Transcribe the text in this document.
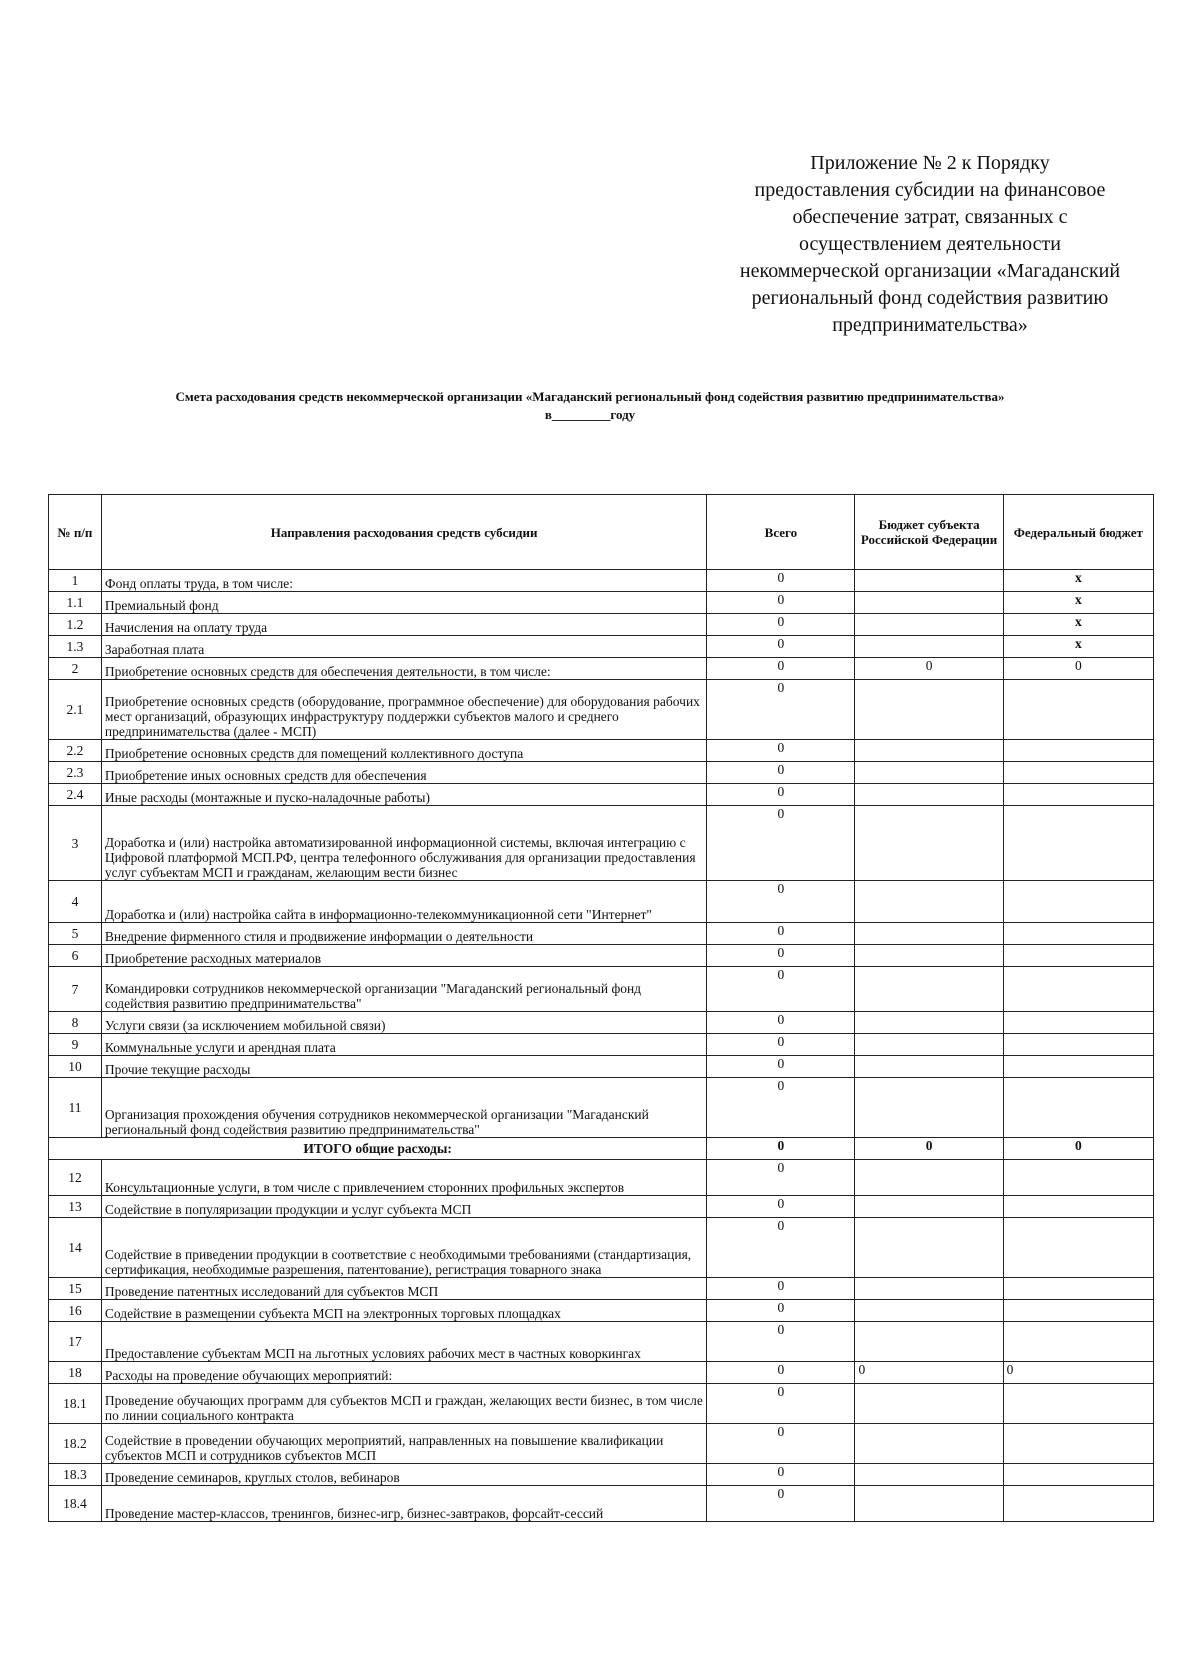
Приложение № 2 к Порядку
предоставления субсидии на финансовое
обеспечение затрат, связанных с
осуществлением деятельности
некоммерческой организации «Магаданский
региональный фонд содействия развитию
предпринимательства»
Смета расходования средств некоммерческой организации «Магаданский региональный фонд содействия развитию предпринимательства»
в_________году
№ п/п	Направления расходования средств субсидии	Всего	Бюджет субъекта Российской Федерации	Федеральный бюджет
1	Фонд оплаты труда, в том числе:	0		x
1.1	Премиальный фонд	0		x
1.2	Начисления на оплату труда	0		x
1.3	Заработная плата	0		x
2	Приобретение основных средств для обеспечения деятельности, в том числе:	0	0	0
2.1	Приобретение основных средств (оборудование, программное обеспечение) для оборудования рабочих мест организаций, образующих инфраструктуру поддержки субъектов малого и среднего предпринимательства (далее - МСП)	0		
2.2	Приобретение основных средств для помещений коллективного доступа	0		
2.3	Приобретение иных основных средств для обеспечения	0		
2.4	Иные расходы (монтажные и пуско-наладочные работы)	0		
3	Доработка и (или) настройка автоматизированной информационной системы, включая интеграцию с Цифровой платформой МСП.РФ, центра телефонного обслуживания для организации предоставления услуг субъектам МСП и гражданам, желающим вести бизнес	0		
4	Доработка и (или) настройка сайта в информационно-телекоммуникационной сети "Интернет"	0		
5	Внедрение фирменного стиля и продвижение информации о деятельности	0		
6	Приобретение расходных материалов	0		
7	Командировки сотрудников некоммерческой организации "Магаданский региональный фонд содействия развитию предпринимательства"	0		
8	Услуги связи (за исключением мобильной связи)	0		
9	Коммунальные услуги и арендная плата	0		
10	Прочие текущие расходы	0		
11	Организация прохождения обучения сотрудников некоммерческой организации "Магаданский региональный фонд содействия развитию предпринимательства"	0		
ИТОГО общие расходы:		0	0	0
12	Консультационные услуги, в том числе с привлечением сторонних профильных экспертов	0		
13	Содействие в популяризации продукции и услуг субъекта МСП	0		
14	Содействие в приведении продукции в соответствие с необходимыми требованиями (стандартизация, сертификация, необходимые разрешения, патентование), регистрация товарного знака	0		
15	Проведение патентных исследований для субъектов МСП	0		
16	Содействие в размещении субъекта МСП на электронных торговых площадках	0		
17	Предоставление субъектам МСП на льготных условиях рабочих мест в частных коворкингах	0		
18	Расходы на проведение обучающих мероприятий:	0	0	0
18.1	Проведение обучающих программ для субъектов МСП и граждан, желающих вести бизнес, в том числе по линии социального контракта	0		
18.2	Содействие в проведении обучающих мероприятий, направленных на повышение квалификации субъектов МСП и сотрудников субъектов МСП	0		
18.3	Проведение семинаров, круглых столов, вебинаров	0		
18.4	Проведение мастер-классов, тренингов, бизнес-игр, бизнес-завтраков, форсайт-сессий	0		
